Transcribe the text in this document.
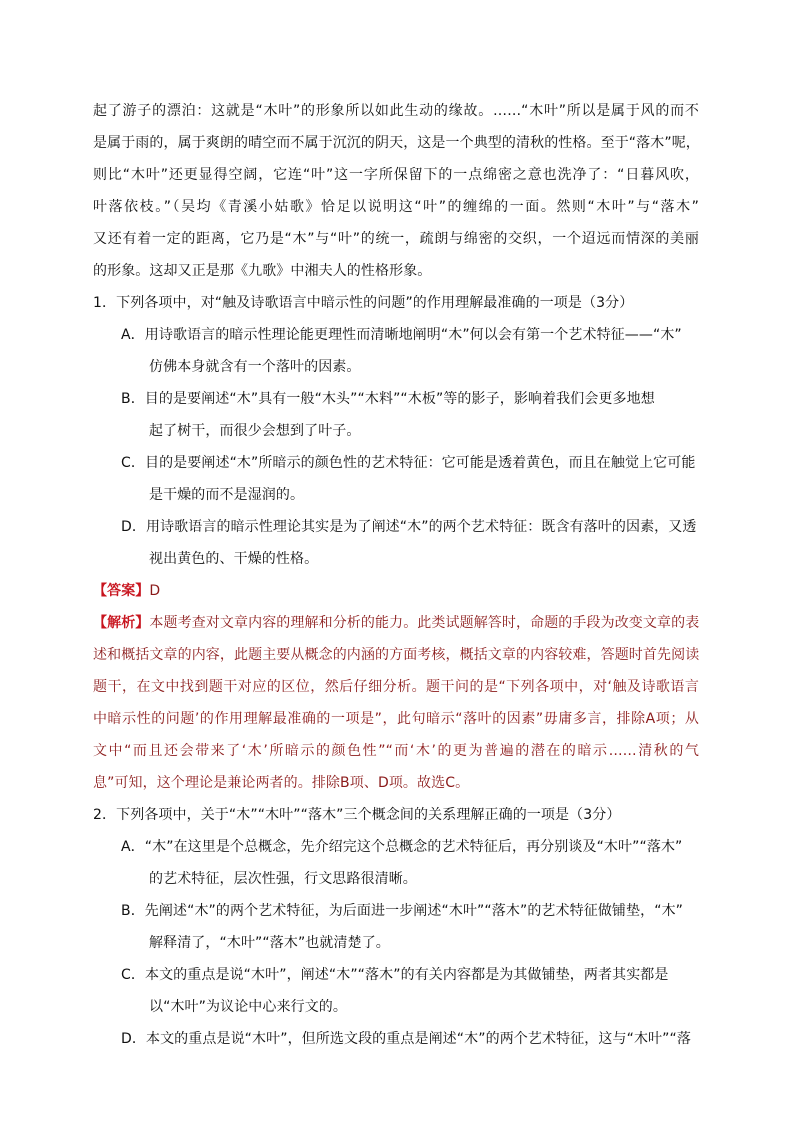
起了游子的漂泊：这就是“木叶”的形象所以如此生动的缘故。……“木叶”所以是属于风的而不
是属于雨的，属于爽朗的晴空而不属于沉沉的阴天，这是一个典型的清秋的性格。至于“落木”呢，
则比“木叶”还更显得空阔，它连“叶”这一字所保留下的一点绵密之意也洗净了：“日暮风吹，
叶落依枝。”（吴均《青溪小姑歌》恰足以说明这“叶”的缠绵的一面。然则“木叶”与“落木”
又还有着一定的距离，它乃是“木”与“叶”的统一，疏朗与绵密的交织，一个迢远而情深的美丽
的形象。这却又正是那《九歌》中湘夫人的性格形象。
1．下列各项中，对“触及诗歌语言中暗示性的问题”的作用理解最准确的一项是（3分）
A．用诗歌语言的暗示性理论能更理性而清晰地阐明“木”何以会有第一个艺术特征——“木”
仿佛本身就含有一个落叶的因素。
B．目的是要阐述“木”具有一般“木头”“木料”“木板”等的影子，影响着我们会更多地想
起了树干，而很少会想到了叶子。
C．目的是要阐述“木”所暗示的颜色性的艺术特征：它可能是透着黄色，而且在触觉上它可能
是干燥的而不是湿润的。
D．用诗歌语言的暗示性理论其实是为了阐述“木”的两个艺术特征：既含有落叶的因素，又透
视出黄色的、干燥的性格。
【答案】D
【解析】本题考查对文章内容的理解和分析的能力。此类试题解答时，命题的手段为改变文章的表
述和概括文章的内容，此题主要从概念的内涵的方面考核，概括文章的内容较难，答题时首先阅读
题干，在文中找到题干对应的区位，然后仔细分析。题干问的是“下列各项中，对‘触及诗歌语言
中暗示性的问题’的作用理解最准确的一项是”，此句暗示“落叶的因素”毋庸多言，排除A项；从
文中“而且还会带来了‘木’所暗示的颜色性”“而‘木’的更为普遍的潜在的暗示……清秋的气
息”可知，这个理论是兼论两者的。排除B项、D项。故选C。
2．下列各项中，关于“木”“木叶”“落木”三个概念间的关系理解正确的一项是（3分）
A．“木”在这里是个总概念，先介绍完这个总概念的艺术特征后，再分别谈及“木叶”“落木”
的艺术特征，层次性强，行文思路很清晰。
B．先阐述“木”的两个艺术特征，为后面进一步阐述“木叶”“落木”的艺术特征做铺垫，“木”
解释清了，“木叶”“落木”也就清楚了。
C．本文的重点是说“木叶”，阐述“木”“落木”的有关内容都是为其做铺垫，两者其实都是
以“木叶”为议论中心来行文的。
D．本文的重点是说“木叶”，但所选文段的重点是阐述“木”的两个艺术特征，这与“木叶”“落
